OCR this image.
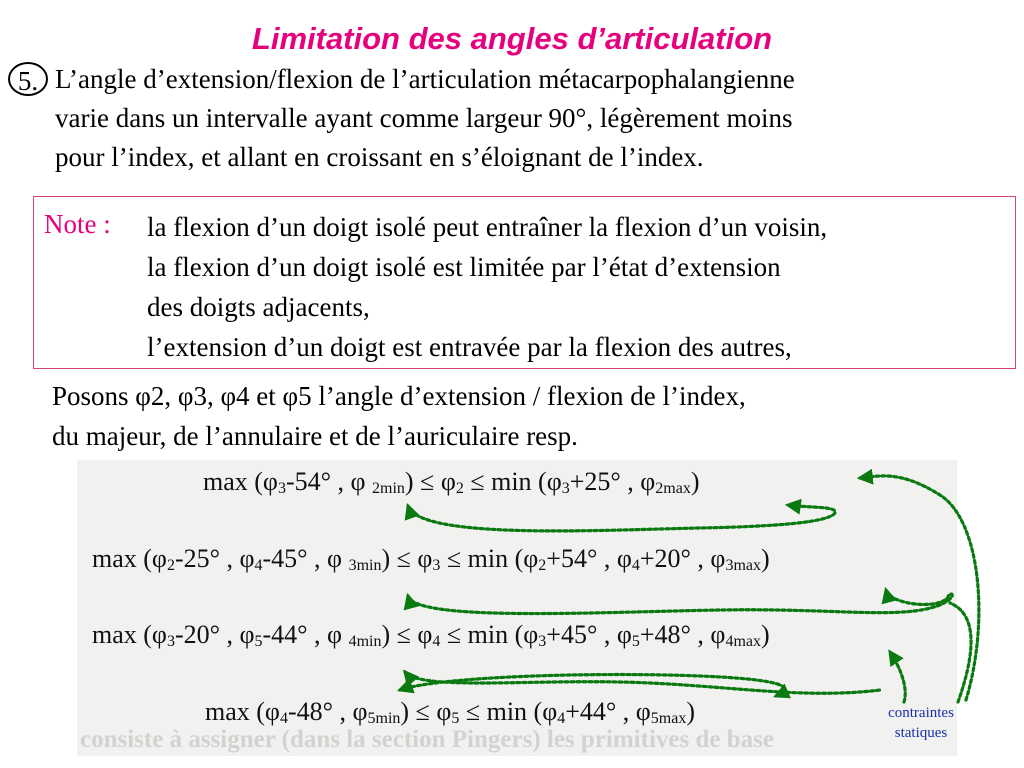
Limitation des angles d’articulation
5. L’angle d’extension/flexion de l’articulation métacarpophalangienne
varie dans un intervalle ayant comme largeur 90°, légèrement moins
pour l’index, et allant en croissant en s’éloignant de l’index.

Note : la flexion d’un doigt isolé peut entraîner la flexion d’un voisin,
la flexion d’un doigt isolé est limitée par l’état d’extension
des doigts adjacents,
l’extension d’un doigt est entravée par la flexion des autres,

Posons φ2, φ3, φ4 et φ5 l’angle d’extension / flexion de l’index,
du majeur, de l’annulaire et de l’auriculaire resp.

consiste à assigner (dans la section Pingers) les primitives de base
$\max (\varphi_3-54^\circ$ , φ $_{2min}) \le \varphi_2 \le \min (\varphi_3+25^\circ$ , $\varphi_{2max}$)
$\max (\varphi_2-25^\circ$ , $\varphi_4-45^\circ$ , φ $_{3min}) \le \varphi_3 \le \min (\varphi_2+54^\circ$ , $\varphi_4+20^\circ$ , $\varphi_{3max}$)
$\max (\varphi_3-20^\circ$ , $\varphi_5-44^\circ$ , φ $_{4min}) \le \varphi_4 \le \min (\varphi_3+45^\circ$ , $\varphi_5+48^\circ$ , $\varphi_{4max}$)
$\max (\varphi_4-48^\circ$ , $\varphi_{5min}) \le \varphi_5 \le \min (\varphi_4+44^\circ$ , $\varphi_{5max}$)	contraintes
statiques
